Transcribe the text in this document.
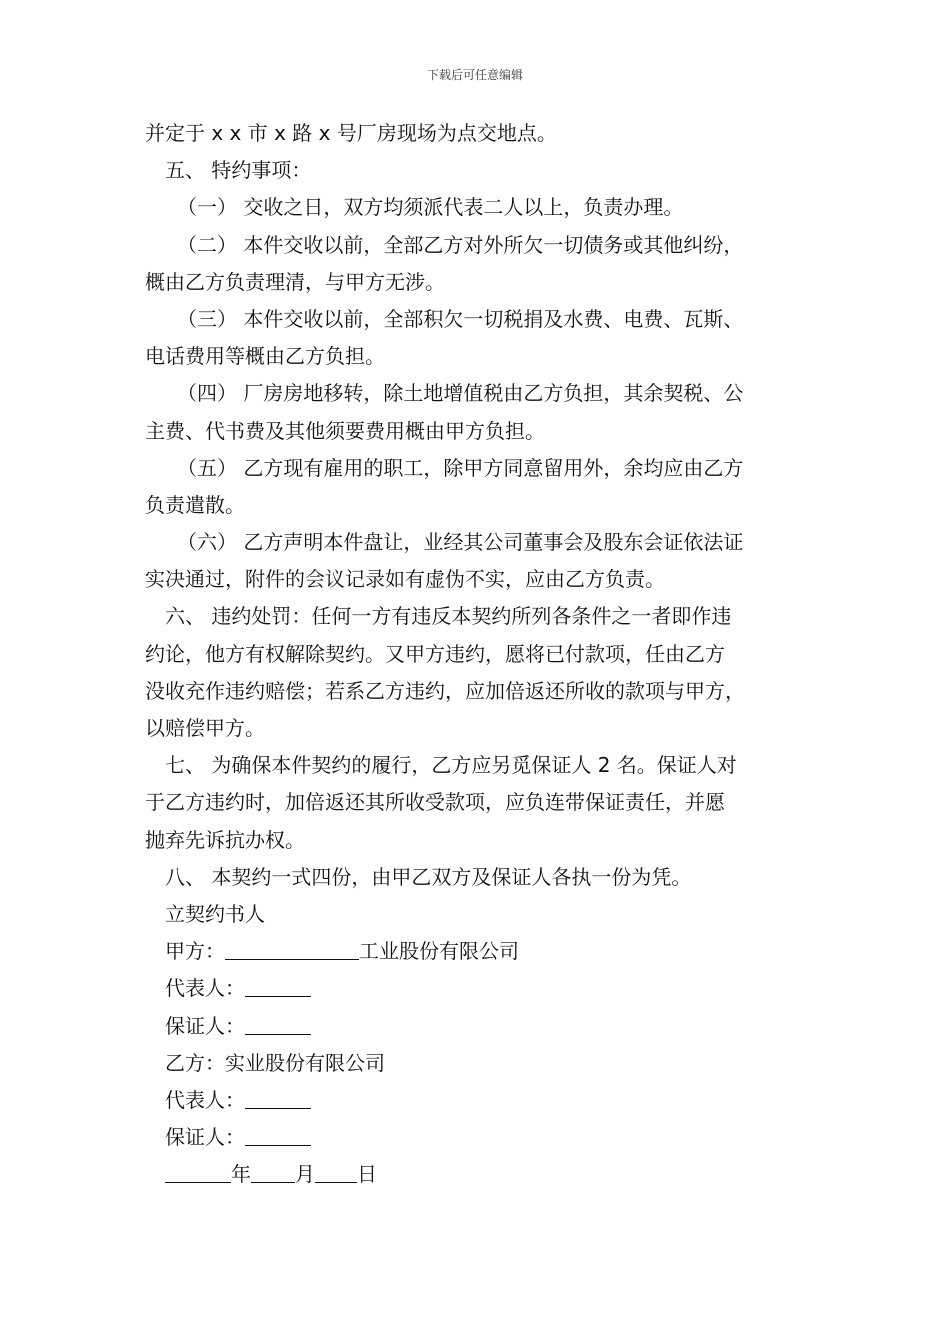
下载后可任意编辑
并定于 x x 市 x 路 x 号厂房现场为点交地点。
五、 特约事项：
（一） 交收之日，双方均须派代表二人以上，负责办理。
（二） 本件交收以前，全部乙方对外所欠一切债务或其他纠纷，
概由乙方负责理清，与甲方无涉。
（三） 本件交收以前，全部积欠一切税捐及水费、电费、瓦斯、
电话费用等概由乙方负担。
（四） 厂房房地移转，除土地增值税由乙方负担，其余契税、公
主费、代书费及其他须要费用概由甲方负担。
（五） 乙方现有雇用的职工，除甲方同意留用外，余均应由乙方
负责遣散。
（六） 乙方声明本件盘让，业经其公司董事会及股东会证依法证
实决通过，附件的会议记录如有虚伪不实，应由乙方负责。
六、 违约处罚：任何一方有违反本契约所列各条件之一者即作违
约论，他方有权解除契约。又甲方违约，愿将已付款项，任由乙方
没收充作违约赔偿；若系乙方违约，应加倍返还所收的款项与甲方，
以赔偿甲方。
七、 为确保本件契约的履行，乙方应另觅保证人 2 名。保证人对
于乙方违约时，加倍返还其所收受款项，应负连带保证责任，并愿
抛弃先诉抗办权。
八、 本契约一式四份，由甲乙双方及保证人各执一份为凭。
立契约书人
甲方：	工业股份有限公司
代表人：
保证人：
乙方：实业股份有限公司
代表人：
保证人：
年 月 日
